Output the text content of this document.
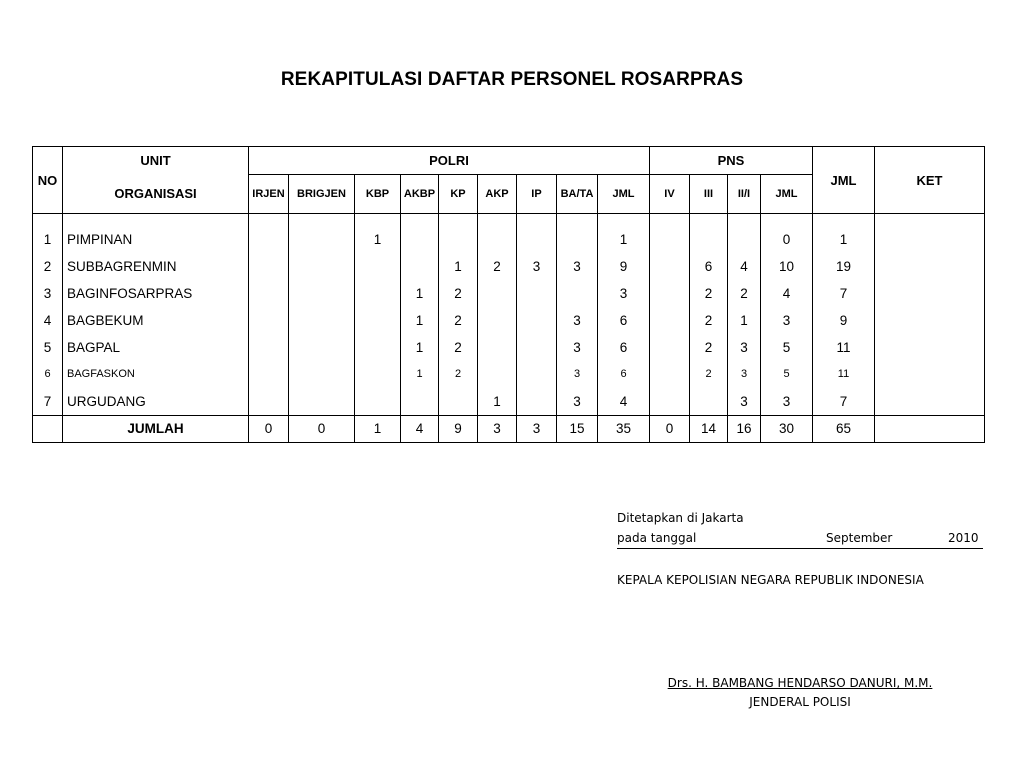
REKAPITULASI DAFTAR PERSONEL ROSARPRAS
NO	UNIT	POLRI									PNS				JML	KET
	ORGANISASI	IRJEN	BRIGJEN	KBP	AKBP	KP	AKP	IP	BA/TA	JML	IV	III	II/I	JML		
1	PIMPINAN			1						1				0	1	
2	SUBBAGRENMIN					1	2	3	3	9		6	4	10	19	
3	BAGINFOSARPRAS				1	2				3		2	2	4	7	
4	BAGBEKUM				1	2			3	6		2	1	3	9	
5	BAGPAL				1	2			3	6		2	3	5	11	
6	BAGFASKON				1	2			3	6		2	3	5	11	
7	URGUDANG						1		3	4			3	3	7	
	JUMLAH	0	0	1	4	9	3	3	15	35	0	14	16	30	65	
Ditetapkan di Jakarta
pada tanggal	September	2010
KEPALA KEPOLISIAN NEGARA REPUBLIK INDONESIA
Drs. H. BAMBANG HENDARSO DANURI, M.M.
JENDERAL POLISI
